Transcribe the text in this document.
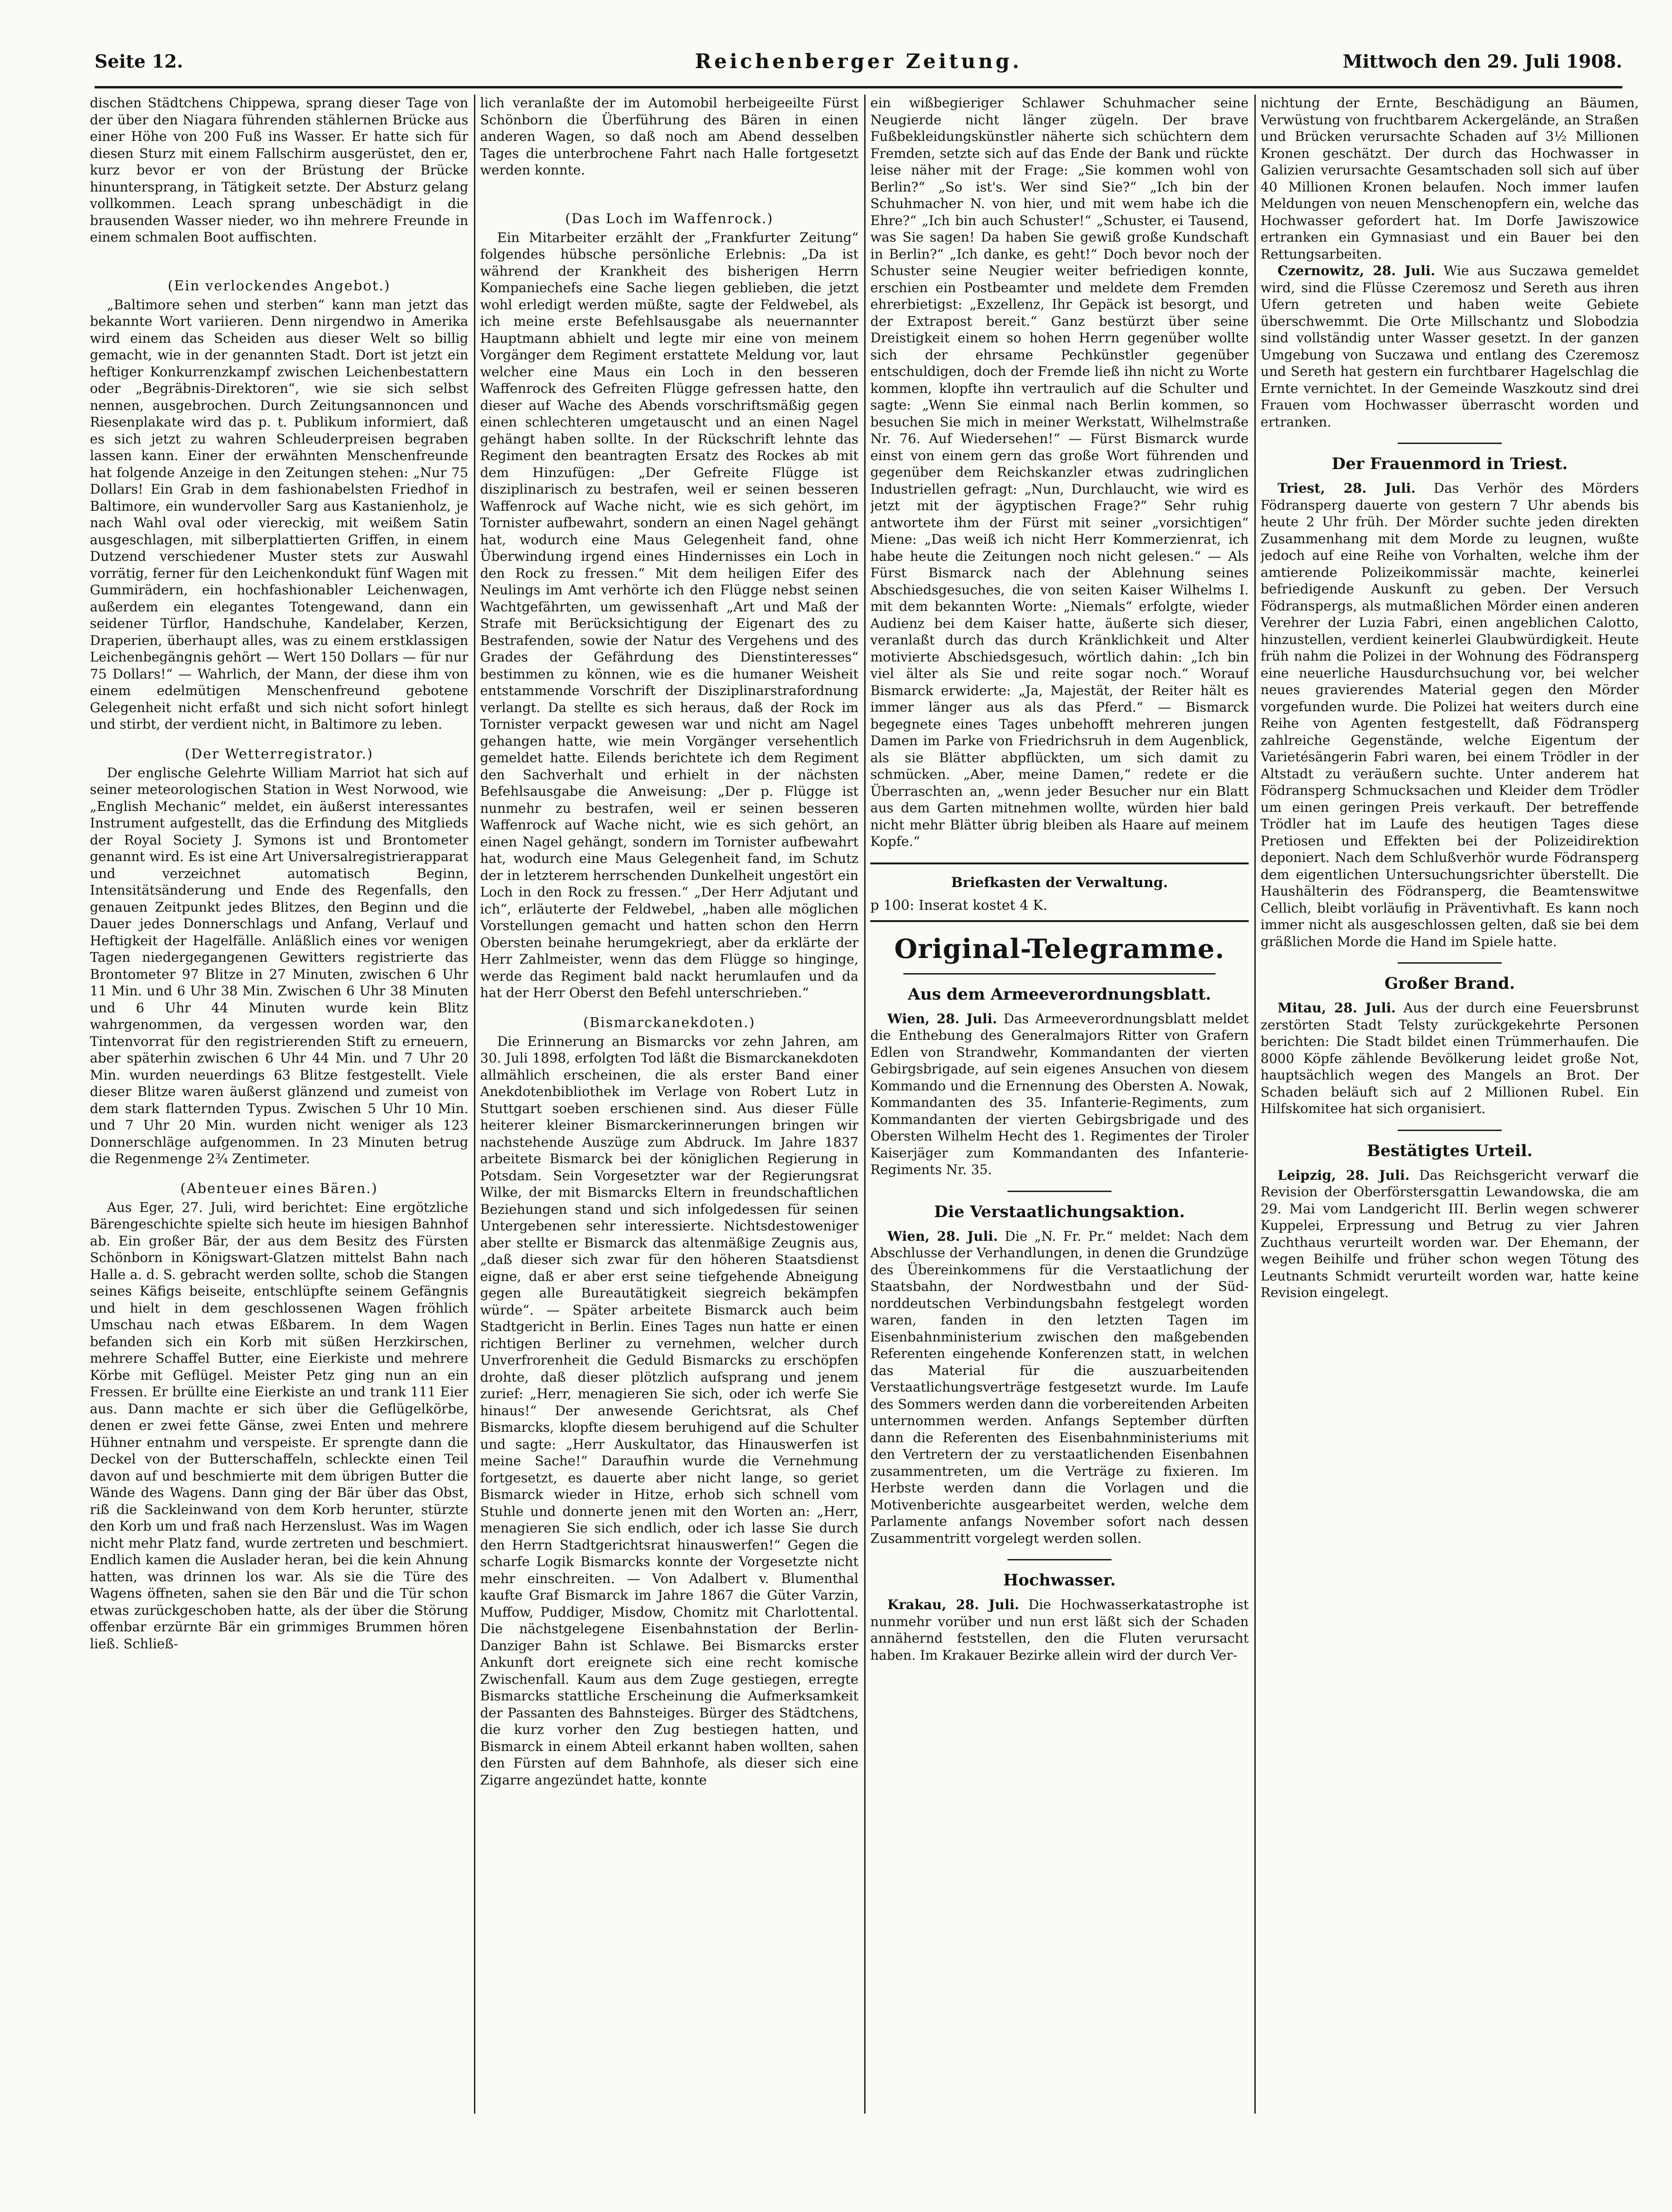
Reichenberger Zeitung.
Seite 12.	Mittwoch den 29. Juli 1908.

dischen Städtchens Chippewa, sprang dieser Tage von der über den Niagara führenden stählernen Brücke aus einer Höhe von 200 Fuß ins Wasser. Er hatte sich für diesen Sturz mit einem Fallschirm ausgerüstet, den er, kurz bevor er von der Brüstung der Brücke hinuntersprang, in Tätigkeit setzte. Der Absturz gelang vollkommen. Leach sprang unbeschädigt in die brausenden Wasser nieder, wo ihn mehrere Freunde in einem schmalen Boot auffischten.

(Ein verlockendes Angebot.)

„Baltimore sehen und sterben“ kann man jetzt das bekannte Wort variieren. Denn nirgendwo in Amerika wird einem das Scheiden aus dieser Welt so billig gemacht, wie in der genannten Stadt. Dort ist jetzt ein heftiger Konkurrenzkampf zwischen Leichenbestattern oder „Begräbnis-Direktoren“, wie sie sich selbst nennen, ausgebrochen. Durch Zeitungsannoncen und Riesenplakate wird das p. t. Publikum informiert, daß es sich jetzt zu wahren Schleuderpreisen begraben lassen kann. Einer der erwähnten Menschenfreunde hat folgende Anzeige in den Zeitungen stehen: „Nur 75 Dollars! Ein Grab in dem fashionabelsten Friedhof in Baltimore, ein wundervoller Sarg aus Kastanienholz, je nach Wahl oval oder viereckig, mit weißem Satin ausgeschlagen, mit silberplattierten Griffen, in einem Dutzend verschiedener Muster stets zur Auswahl vorrätig, ferner für den Leichenkondukt fünf Wagen mit Gummirädern, ein hochfashionabler Leichenwagen, außerdem ein elegantes Totengewand, dann ein seidener Türflor, Handschuhe, Kandelaber, Kerzen, Draperien, überhaupt alles, was zu einem erstklassigen Leichenbegängnis gehört — Wert 150 Dollars — für nur 75 Dollars!“ — Wahrlich, der Mann, der diese ihm von einem edelmütigen Menschenfreund gebotene Gelegenheit nicht erfaßt und sich nicht sofort hinlegt und stirbt, der verdient nicht, in Baltimore zu leben.

(Der Wetterregistrator.)

Der englische Gelehrte William Marriot hat sich auf seiner meteorologischen Station in West Norwood, wie „English Mechanic“ meldet, ein äußerst interessantes Instrument aufgestellt, das die Erfindung des Mitglieds der Royal Society J. Symons ist und Brontometer genannt wird. Es ist eine Art Universalregistrierapparat und verzeichnet automatisch Beginn, Intensitätsänderung und Ende des Regenfalls, den genauen Zeitpunkt jedes Blitzes, den Beginn und die Dauer jedes Donnerschlags und Anfang, Verlauf und Heftigkeit der Hagelfälle. Anläßlich eines vor wenigen Tagen niedergegangenen Gewitters registrierte das Brontometer 97 Blitze in 27 Minuten, zwischen 6 Uhr 11 Min. und 6 Uhr 38 Min. Zwischen 6 Uhr 38 Minuten und 6 Uhr 44 Minuten wurde kein Blitz wahrgenommen, da vergessen worden war, den Tintenvorrat für den registrierenden Stift zu erneuern, aber späterhin zwischen 6 Uhr 44 Min. und 7 Uhr 20 Min. wurden neuerdings 63 Blitze festgestellt. Viele dieser Blitze waren äußerst glänzend und zumeist von dem stark flatternden Typus. Zwischen 5 Uhr 10 Min. und 7 Uhr 20 Min. wurden nicht weniger als 123 Donnerschläge aufgenommen. In 23 Minuten betrug die Regenmenge 2¾ Zentimeter.

(Abenteuer eines Bären.)

Aus Eger, 27. Juli, wird berichtet: Eine ergötzliche Bärengeschichte spielte sich heute im hiesigen Bahnhof ab. Ein großer Bär, der aus dem Besitz des Fürsten Schönborn in Königswart-Glatzen mittelst Bahn nach Halle a. d. S. gebracht werden sollte, schob die Stangen seines Käfigs beiseite, entschlüpfte seinem Gefängnis und hielt in dem geschlossenen Wagen fröhlich Umschau nach etwas Eßbarem. In dem Wagen befanden sich ein Korb mit süßen Herzkirschen, mehrere Schaffel Butter, eine Eierkiste und mehrere Körbe mit Geflügel. Meister Petz ging nun an ein Fressen. Er brüllte eine Eierkiste an und trank 111 Eier aus. Dann machte er sich über die Geflügelkörbe, denen er zwei fette Gänse, zwei Enten und mehrere Hühner entnahm und verspeiste. Er sprengte dann die Deckel von der Butterschaffeln, schleckte einen Teil davon auf und beschmierte mit dem übrigen Butter die Wände des Wagens. Dann ging der Bär über das Obst, riß die Sackleinwand von dem Korb herunter, stürzte den Korb um und fraß nach Herzenslust. Was im Wagen nicht mehr Platz fand, wurde zertreten und beschmiert. Endlich kamen die Auslader heran, bei die kein Ahnung hatten, was drinnen los war. Als sie die Türe des Wagens öffneten, sahen sie den Bär und die Tür schon etwas zurückgeschoben hatte, als der über die Störung offenbar erzürnte Bär ein grimmiges Brummen hören ließ. Schließ-

lich veranlaßte der im Automobil herbeigeeilte Fürst Schönborn die Überführung des Bären in einen anderen Wagen, so daß noch am Abend desselben Tages die unterbrochene Fahrt nach Halle fortgesetzt werden konnte.

(Das Loch im Waffenrock.)

Ein Mitarbeiter erzählt der „Frankfurter Zeitung“ folgendes hübsche persönliche Erlebnis: „Da ist während der Krankheit des bisherigen Herrn Kompaniechefs eine Sache liegen geblieben, die jetzt wohl erledigt werden müßte, sagte der Feldwebel, als ich meine erste Befehlsausgabe als neuernannter Hauptmann abhielt und legte mir eine von meinem Vorgänger dem Regiment erstattete Meldung vor, laut welcher eine Maus ein Loch in den besseren Waffenrock des Gefreiten Flügge gefressen hatte, den dieser auf Wache des Abends vorschriftsmäßig gegen einen schlechteren umgetauscht und an einen Nagel gehängt haben sollte. In der Rückschrift lehnte das Regiment den beantragten Ersatz des Rockes ab mit dem Hinzufügen: „Der Gefreite Flügge ist disziplinarisch zu bestrafen, weil er seinen besseren Waffenrock auf Wache nicht, wie es sich gehört, im Tornister aufbewahrt, sondern an einen Nagel gehängt hat, wodurch eine Maus Gelegenheit fand, ohne Überwindung irgend eines Hindernisses ein Loch in den Rock zu fressen.“ Mit dem heiligen Eifer des Neulings im Amt verhörte ich den Flügge nebst seinen Wachtgefährten, um gewissenhaft „Art und Maß der Strafe mit Berücksichtigung der Eigenart des zu Bestrafenden, sowie der Natur des Vergehens und des Grades der Gefährdung des Dienstinteresses“ bestimmen zu können, wie es die humaner Weisheit entstammende Vorschrift der Disziplinarstrafordnung verlangt. Da stellte es sich heraus, daß der Rock im Tornister verpackt gewesen war und nicht am Nagel gehangen hatte, wie mein Vorgänger versehentlich gemeldet hatte. Eilends berichtete ich dem Regiment den Sachverhalt und erhielt in der nächsten Befehlsausgabe die Anweisung: „Der p. Flügge ist nunmehr zu bestrafen, weil er seinen besseren Waffenrock auf Wache nicht, wie es sich gehört, an einen Nagel gehängt, sondern im Tornister aufbewahrt hat, wodurch eine Maus Gelegenheit fand, im Schutz der in letzterem herrschenden Dunkelheit ungestört ein Loch in den Rock zu fressen.“ „Der Herr Adjutant und ich“, erläuterte der Feldwebel, „haben alle möglichen Vorstellungen gemacht und hatten schon den Herrn Obersten beinahe herumgekriegt, aber da erklärte der Herr Zahlmeister, wenn das dem Flügge so hinginge, werde das Regiment bald nackt herumlaufen und da hat der Herr Oberst den Befehl unterschrieben.“

(Bismarckanekdoten.)

Die Erinnerung an Bismarcks vor zehn Jahren, am 30. Juli 1898, erfolgten Tod läßt die Bismarckanekdoten allmählich erscheinen, die als erster Band einer Anekdotenbibliothek im Verlage von Robert Lutz in Stuttgart soeben erschienen sind. Aus dieser Fülle heiterer kleiner Bismarckerinnerungen bringen wir nachstehende Auszüge zum Abdruck. Im Jahre 1837 arbeitete Bismarck bei der königlichen Regierung in Potsdam. Sein Vorgesetzter war der Regierungsrat Wilke, der mit Bismarcks Eltern in freundschaftlichen Beziehungen stand und sich infolgedessen für seinen Untergebenen sehr interessierte. Nichtsdestoweniger aber stellte er Bismarck das altenmäßige Zeugnis aus, „daß dieser sich zwar für den höheren Staatsdienst eigne, daß er aber erst seine tiefgehende Abneigung gegen alle Bureautätigkeit siegreich bekämpfen würde“. — Später arbeitete Bismarck auch beim Stadtgericht in Berlin. Eines Tages nun hatte er einen richtigen Berliner zu vernehmen, welcher durch Unverfrorenheit die Geduld Bismarcks zu erschöpfen drohte, daß dieser plötzlich aufsprang und jenem zurief: „Herr, menagieren Sie sich, oder ich werfe Sie hinaus!“ Der anwesende Gerichtsrat, als Chef Bismarcks, klopfte diesem beruhigend auf die Schulter und sagte: „Herr Auskultator, das Hinauswerfen ist meine Sache!“ Daraufhin wurde die Vernehmung fortgesetzt, es dauerte aber nicht lange, so geriet Bismarck wieder in Hitze, erhob sich schnell vom Stuhle und donnerte jenen mit den Worten an: „Herr, menagieren Sie sich endlich, oder ich lasse Sie durch den Herrn Stadtgerichtsrat hinauswerfen!“ Gegen die scharfe Logik Bismarcks konnte der Vorgesetzte nicht mehr einschreiten. — Von Adalbert v. Blumenthal kaufte Graf Bismarck im Jahre 1867 die Güter Varzin, Muffow, Puddiger, Misdow, Chomitz mit Charlottental. Die nächstgelegene Eisenbahnstation der Berlin-Danziger Bahn ist Schlawe. Bei Bismarcks erster Ankunft dort ereignete sich eine recht komische Zwischenfall. Kaum aus dem Zuge gestiegen, erregte Bismarcks stattliche Erscheinung die Aufmerksamkeit der Passanten des Bahnsteiges. Bürger des Städtchens, die kurz vorher den Zug bestiegen hatten, und Bismarck in einem Abteil erkannt haben wollten, sahen den Fürsten auf dem Bahnhofe, als dieser sich eine Zigarre angezündet hatte, konnte

ein wißbegieriger Schlawer Schuhmacher seine Neugierde nicht länger zügeln. Der brave Fußbekleidungskünstler näherte sich schüchtern dem Fremden, setzte sich auf das Ende der Bank und rückte leise näher mit der Frage: „Sie kommen wohl von Berlin?“ „So ist's. Wer sind Sie?“ „Ich bin der Schuhmacher N. von hier, und mit wem habe ich die Ehre?“ „Ich bin auch Schuster!“ „Schuster, ei Tausend, was Sie sagen! Da haben Sie gewiß große Kundschaft in Berlin?“ „Ich danke, es geht!“ Doch bevor noch der Schuster seine Neugier weiter befriedigen konnte, erschien ein Postbeamter und meldete dem Fremden ehrerbietigst: „Exzellenz, Ihr Gepäck ist besorgt, und der Extrapost bereit.“ Ganz bestürzt über seine Dreistigkeit einem so hohen Herrn gegenüber wollte sich der ehrsame Pechkünstler gegenüber entschuldigen, doch der Fremde ließ ihn nicht zu Worte kommen, klopfte ihn vertraulich auf die Schulter und sagte: „Wenn Sie einmal nach Berlin kommen, so besuchen Sie mich in meiner Werkstatt, Wilhelmstraße Nr. 76. Auf Wiedersehen!“ — Fürst Bismarck wurde einst von einem gern das große Wort führenden und gegenüber dem Reichskanzler etwas zudringlichen Industriellen gefragt: „Nun, Durchlaucht, wie wird es jetzt mit der ägyptischen Frage?“ Sehr ruhig antwortete ihm der Fürst mit seiner „vorsichtigen“ Miene: „Das weiß ich nicht Herr Kommerzienrat, ich habe heute die Zeitungen noch nicht gelesen.“ — Als Fürst Bismarck nach der Ablehnung seines Abschiedsgesuches, die von seiten Kaiser Wilhelms I. mit dem bekannten Worte: „Niemals“ erfolgte, wieder Audienz bei dem Kaiser hatte, äußerte sich dieser, veranlaßt durch das durch Kränklichkeit und Alter motivierte Abschiedsgesuch, wörtlich dahin: „Ich bin viel älter als Sie und reite sogar noch.“ Worauf Bismarck erwiderte: „Ja, Majestät, der Reiter hält es immer länger aus als das Pferd.“ — Bismarck begegnete eines Tages unbehofft mehreren jungen Damen im Parke von Friedrichsruh in dem Augenblick, als sie Blätter abpflückten, um sich damit zu schmücken. „Aber, meine Damen,“ redete er die Überraschten an, „wenn jeder Besucher nur ein Blatt aus dem Garten mitnehmen wollte, würden hier bald nicht mehr Blätter übrig bleiben als Haare auf meinem Kopfe.“

Briefkasten der Verwaltung.
p 100: Inserat kostet 4 K.
Original-Telegramme.
Aus dem Armeeverordnungsblatt.

Wien, 28. Juli. Das Armeeverordnungsblatt meldet die Enthebung des Generalmajors Ritter von Grafern Edlen von Strandwehr, Kommandanten der vierten Gebirgsbrigade, auf sein eigenes Ansuchen von diesem Kommando und die Ernennung des Obersten A. Nowak, Kommandanten des 35. Infanterie-Regiments, zum Kommandanten der vierten Gebirgsbrigade und des Obersten Wilhelm Hecht des 1. Regimentes der Tiroler Kaiserjäger zum Kommandanten des Infanterie-Regiments Nr. 35.

Die Verstaatlichungsaktion.

Wien, 28. Juli. Die „N. Fr. Pr.“ meldet: Nach dem Abschlusse der Verhandlungen, in denen die Grundzüge des Übereinkommens für die Verstaatlichung der Staatsbahn, der Nordwestbahn und der Süd-norddeutschen Verbindungsbahn festgelegt worden waren, fanden in den letzten Tagen im Eisenbahnministerium zwischen den maßgebenden Referenten eingehende Konferenzen statt, in welchen das Material für die auszuarbeitenden Verstaatlichungsverträge festgesetzt wurde. Im Laufe des Sommers werden dann die vorbereitenden Arbeiten unternommen werden. Anfangs September dürften dann die Referenten des Eisenbahnministeriums mit den Vertretern der zu verstaatlichenden Eisenbahnen zusammentreten, um die Verträge zu fixieren. Im Herbste werden dann die Vorlagen und die Motivenberichte ausgearbeitet werden, welche dem Parlamente anfangs November sofort nach dessen Zusammentritt vorgelegt werden sollen.

Hochwasser.

Krakau, 28. Juli. Die Hochwasserkatastrophe ist nunmehr vorüber und nun erst läßt sich der Schaden annähernd feststellen, den die Fluten verursacht haben. Im Krakauer Bezirke allein wird der durch Ver-

nichtung der Ernte, Beschädigung an Bäumen, Verwüstung von fruchtbarem Ackergelände, an Straßen und Brücken verursachte Schaden auf 3½ Millionen Kronen geschätzt. Der durch das Hochwasser in Galizien verursachte Gesamtschaden soll sich auf über 40 Millionen Kronen belaufen. Noch immer laufen Meldungen von neuen Menschenopfern ein, welche das Hochwasser gefordert hat. Im Dorfe Jawiszowice ertranken ein Gymnasiast und ein Bauer bei den Rettungsarbeiten.

Czernowitz, 28. Juli. Wie aus Suczawa gemeldet wird, sind die Flüsse Czeremosz und Sereth aus ihren Ufern getreten und haben weite Gebiete überschwemmt. Die Orte Millschantz und Slobodzia sind vollständig unter Wasser gesetzt. In der ganzen Umgebung von Suczawa und entlang des Czeremosz und Sereth hat gestern ein furchtbarer Hagelschlag die Ernte vernichtet. In der Gemeinde Waszkoutz sind drei Frauen vom Hochwasser überrascht worden und ertranken.

Der Frauenmord in Triest.

Triest, 28. Juli. Das Verhör des Mörders Födransperg dauerte von gestern 7 Uhr abends bis heute 2 Uhr früh. Der Mörder suchte jeden direkten Zusammenhang mit dem Morde zu leugnen, wußte jedoch auf eine Reihe von Vorhalten, welche ihm der amtierende Polizeikommissär machte, keinerlei befriedigende Auskunft zu geben. Der Versuch Födranspergs, als mutmaßlichen Mörder einen anderen Verehrer der Luzia Fabri, einen angeblichen Calotto, hinzustellen, verdient keinerlei Glaubwürdigkeit. Heute früh nahm die Polizei in der Wohnung des Födransperg eine neuerliche Hausdurchsuchung vor, bei welcher neues gravierendes Material gegen den Mörder vorgefunden wurde. Die Polizei hat weiters durch eine Reihe von Agenten festgestellt, daß Födransperg zahlreiche Gegenstände, welche Eigentum der Varietésängerin Fabri waren, bei einem Trödler in der Altstadt zu veräußern suchte. Unter anderem hat Födransperg Schmucksachen und Kleider dem Trödler um einen geringen Preis verkauft. Der betreffende Trödler hat im Laufe des heutigen Tages diese Pretiosen und Effekten bei der Polizeidirektion deponiert. Nach dem Schlußverhör wurde Födransperg dem eigentlichen Untersuchungsrichter überstellt. Die Haushälterin des Födransperg, die Beamtenswitwe Cellich, bleibt vorläufig in Präventivhaft. Es kann noch immer nicht als ausgeschlossen gelten, daß sie bei dem gräßlichen Morde die Hand im Spiele hatte.

Großer Brand.

Mitau, 28. Juli. Aus der durch eine Feuersbrunst zerstörten Stadt Telsty zurückgekehrte Personen berichten: Die Stadt bildet einen Trümmerhaufen. Die 8000 Köpfe zählende Bevölkerung leidet große Not, hauptsächlich wegen des Mangels an Brot. Der Schaden beläuft sich auf 2 Millionen Rubel. Ein Hilfskomitee hat sich organisiert.

Bestätigtes Urteil.

Leipzig, 28. Juli. Das Reichsgericht verwarf die Revision der Oberförstersgattin Lewandowska, die am 29. Mai vom Landgericht III. Berlin wegen schwerer Kuppelei, Erpressung und Betrug zu vier Jahren Zuchthaus verurteilt worden war. Der Ehemann, der wegen Beihilfe und früher schon wegen Tötung des Leutnants Schmidt verurteilt worden war, hatte keine Revision eingelegt.
